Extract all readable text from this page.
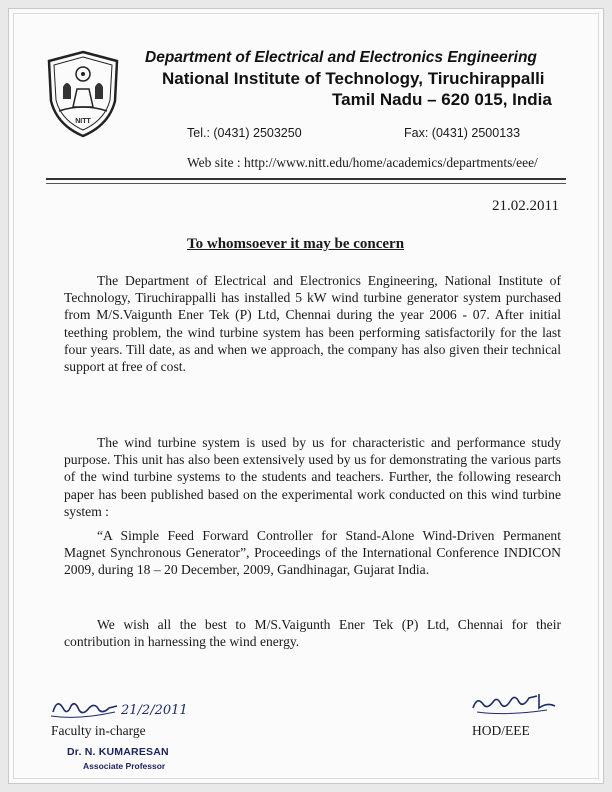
NITT
Department of Electrical and Electronics Engineering
National Institute of Technology, Tiruchirappalli
Tamil Nadu – 620 015, India
Tel.: (0431) 2503250	Fax: (0431) 2500133
Web site : http://www.nitt.edu/home/academics/departments/eee/
21.02.2011
To whomsoever it may be concern

The Department of Electrical and Electronics Engineering, National Institute of Technology, Tiruchirappalli has installed 5 kW wind turbine generator system purchased from M/S.Vaigunth Ener Tek (P) Ltd, Chennai during the year 2006 - 07. After initial teething problem, the wind turbine system has been performing satisfactorily for the last four years. Till date, as and when we approach, the company has also given their technical support at free of cost.

The wind turbine system is used by us for characteristic and performance study purpose. This unit has also been extensively used by us for demonstrating the various parts of the wind turbine systems to the students and teachers. Further, the following research paper has been published based on the experimental work conducted on this wind turbine system :

“A Simple Feed Forward Controller for Stand-Alone Wind-Driven Permanent Magnet Synchronous Generator”, Proceedings of the International Conference INDICON 2009, during 18 – 20 December, 2009, Gandhinagar, Gujarat India.

We wish all the best to M/S.Vaigunth Ener Tek (P) Ltd, Chennai for their contribution in harnessing the wind energy.

21/2/2011
Faculty in-charge	HOD/EEE
Dr. N. KUMARESAN
Associate Professor
